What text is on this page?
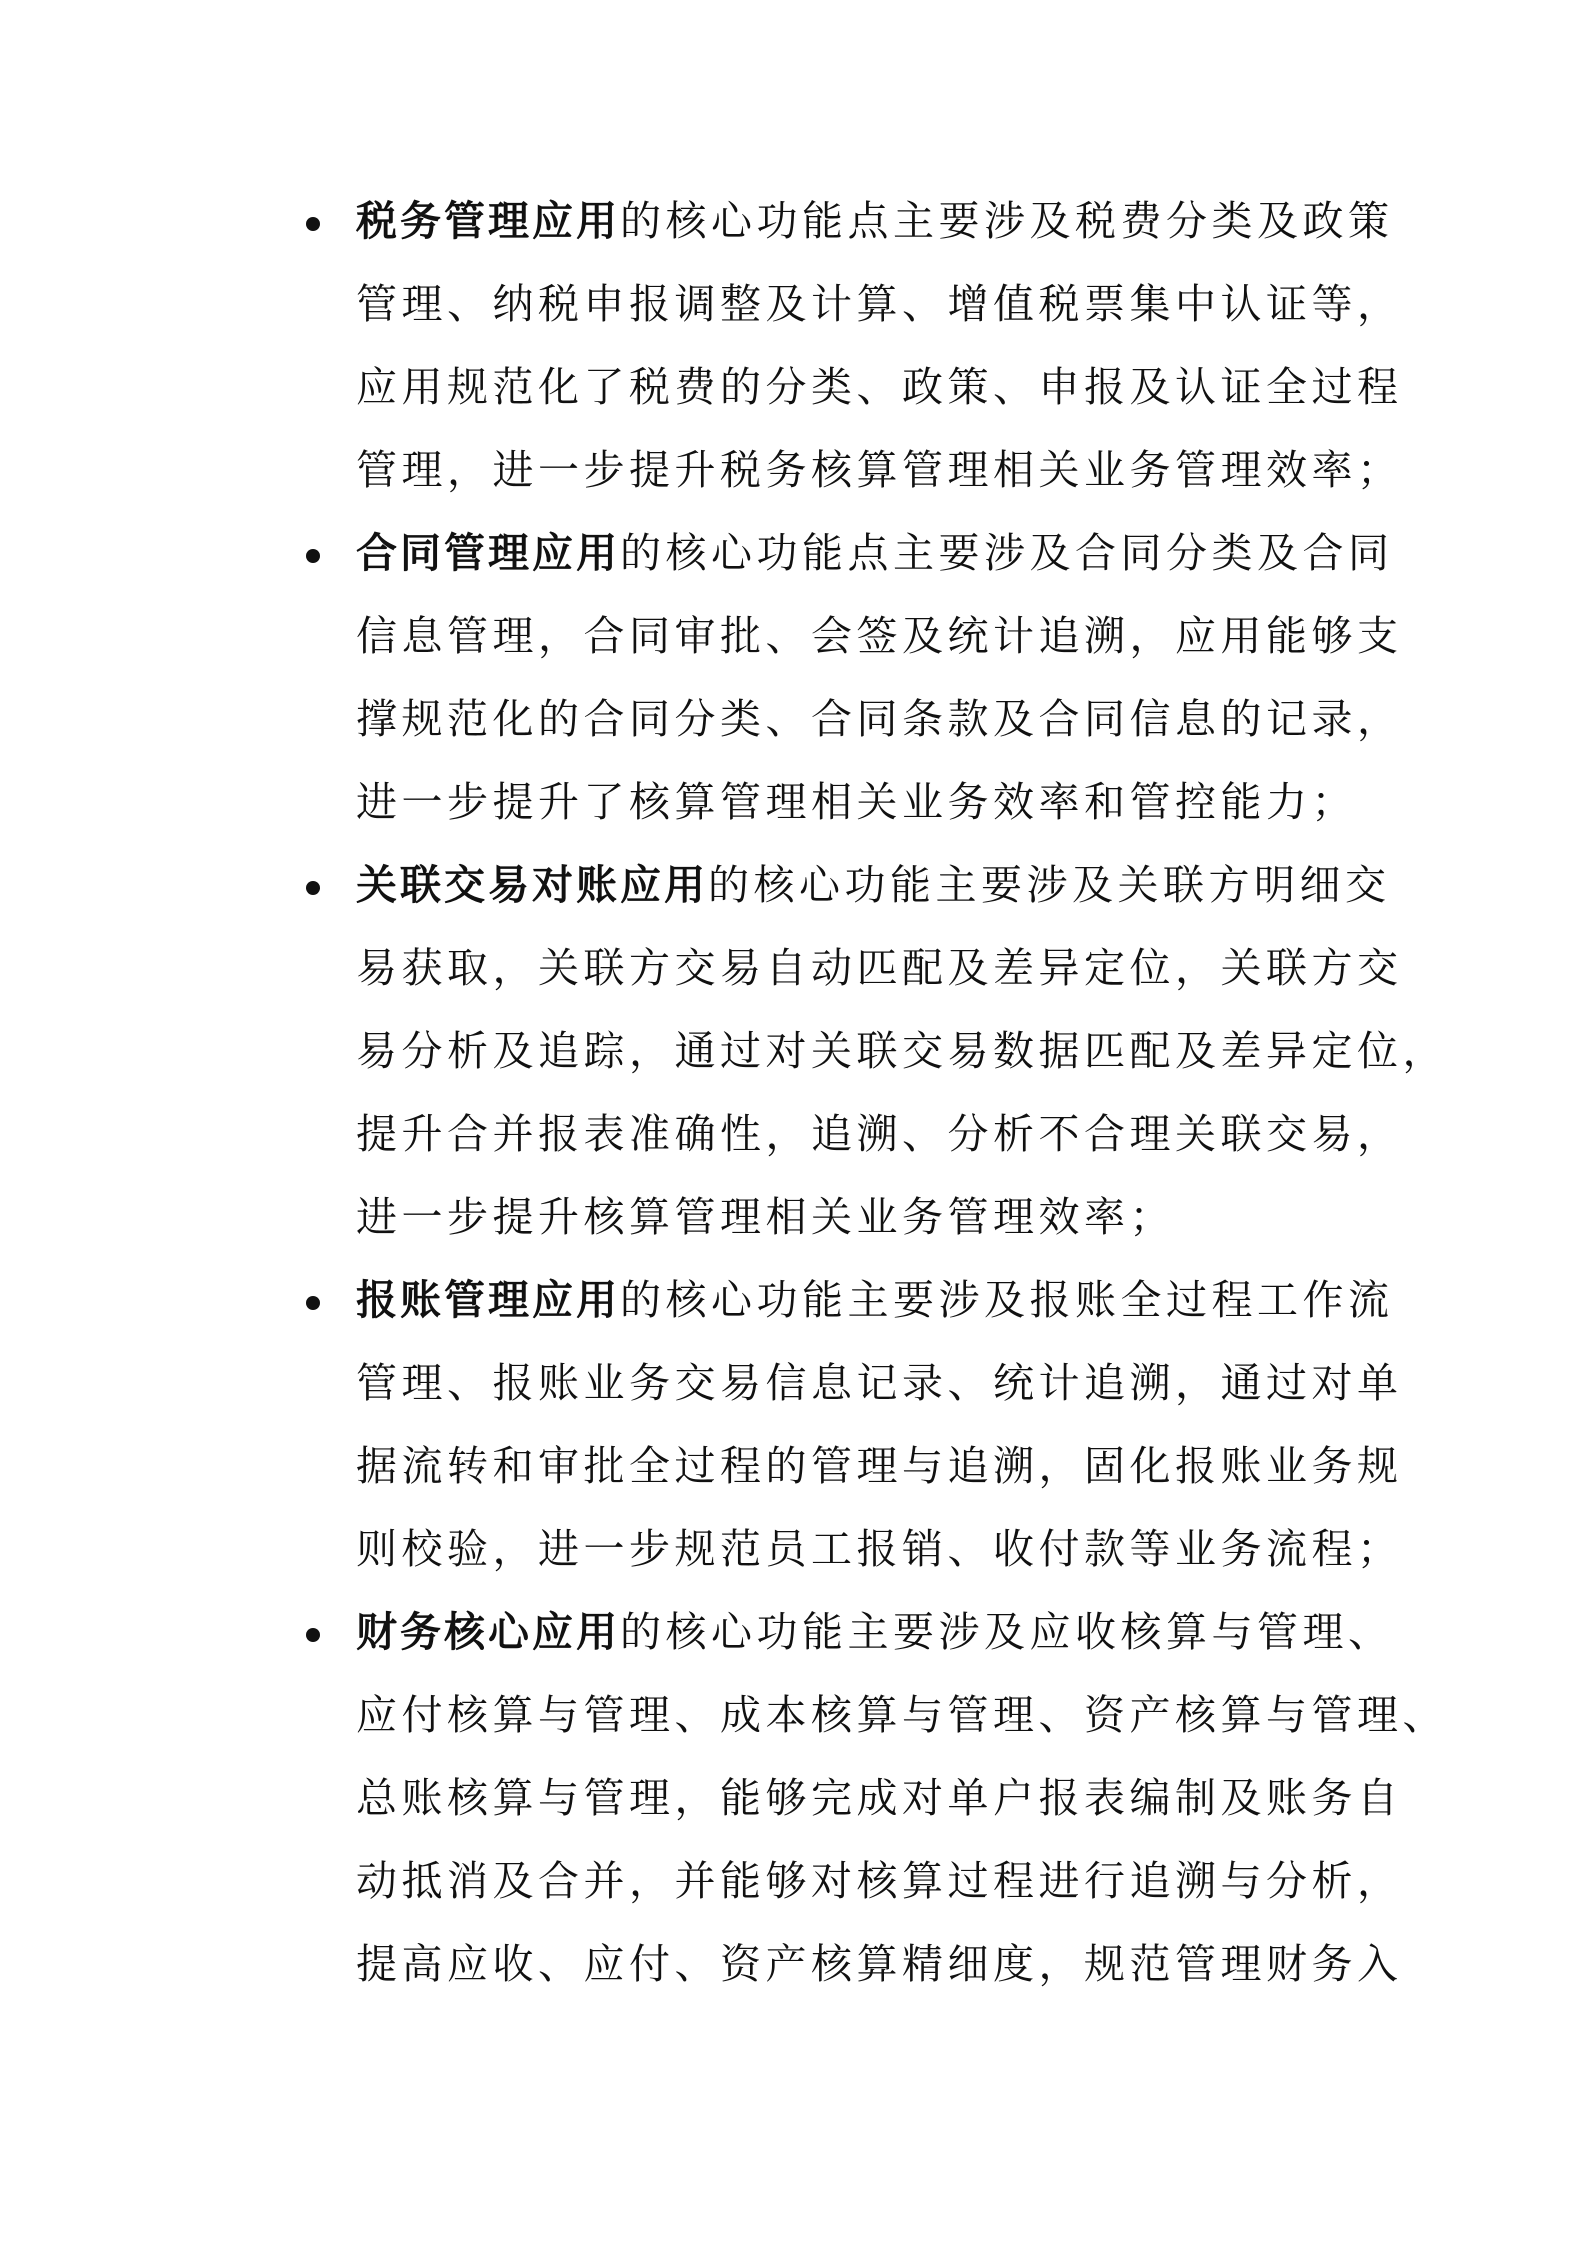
税务管理应用的核心功能点主要涉及税费分类及政策
管理、纳税申报调整及计算、增值税票集中认证等，
应用规范化了税费的分类、政策、申报及认证全过程
管理，进一步提升税务核算管理相关业务管理效率；
合同管理应用的核心功能点主要涉及合同分类及合同
信息管理，合同审批、会签及统计追溯，应用能够支
撑规范化的合同分类、合同条款及合同信息的记录，
进一步提升了核算管理相关业务效率和管控能力；
关联交易对账应用的核心功能主要涉及关联方明细交
易获取，关联方交易自动匹配及差异定位，关联方交
易分析及追踪，通过对关联交易数据匹配及差异定位，
提升合并报表准确性，追溯、分析不合理关联交易，
进一步提升核算管理相关业务管理效率；
报账管理应用的核心功能主要涉及报账全过程工作流
管理、报账业务交易信息记录、统计追溯，通过对单
据流转和审批全过程的管理与追溯，固化报账业务规
则校验，进一步规范员工报销、收付款等业务流程；
财务核心应用的核心功能主要涉及应收核算与管理、
应付核算与管理、成本核算与管理、资产核算与管理、
总账核算与管理，能够完成对单户报表编制及账务自
动抵消及合并，并能够对核算过程进行追溯与分析，
提高应收、应付、资产核算精细度，规范管理财务入
